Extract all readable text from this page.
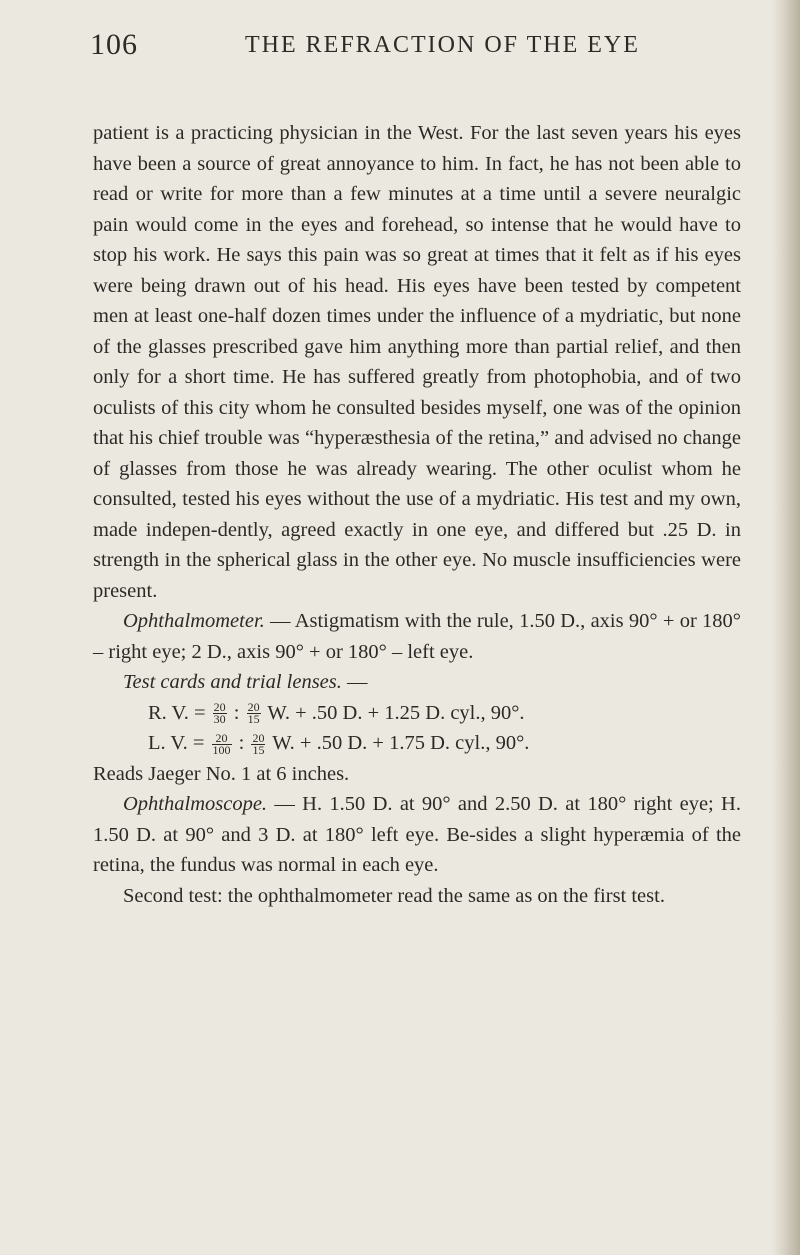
106	THE REFRACTION OF THE EYE

patient is a practicing physician in the West. For the last seven years his eyes have been a source of great annoyance to him. In fact, he has not been able to read or write for more than a few minutes at a time until a severe neuralgic pain would come in the eyes and forehead, so intense that he would have to stop his work. He says this pain was so great at times that it felt as if his eyes were being drawn out of his head. His eyes have been tested by competent men at least one-half dozen times under the influence of a mydriatic, but none of the glasses prescribed gave him anything more than partial relief, and then only for a short time. He has suffered greatly from photophobia, and of two oculists of this city whom he consulted besides myself, one was of the opinion that his chief trouble was “hyperæsthesia of the retina,” and advised no change of glasses from those he was already wearing. The other oculist whom he consulted, tested his eyes without the use of a mydriatic. His test and my own, made indepen-dently, agreed exactly in one eye, and differed but .25 D. in strength in the spherical glass in the other eye. No muscle insufficiencies were present.

Ophthalmometer. — Astigmatism with the rule, 1.50 D., axis 90° + or 180° – right eye; 2 D., axis 90° + or 180° – left eye.

Test cards and trial lenses. —

R. V. = $\frac{20}{30}$ : $\frac{20}{15} W$. + .50 D. + 1.25 D. cyl., 90°.

L. V. = $\frac{20}{100}$ : $\frac{20}{15} W$. + .50 D. + 1.75 D. cyl., 90°.

Reads Jaeger No. 1 at 6 inches.

Ophthalmoscope. — H. 1.50 D. at 90° and 2.50 D. at 180° right eye; H. 1.50 D. at 90° and 3 D. at 180° left eye. Be-sides a slight hyperæmia of the retina, the fundus was normal in each eye.

Second test: the ophthalmometer read the same as on the first test.
